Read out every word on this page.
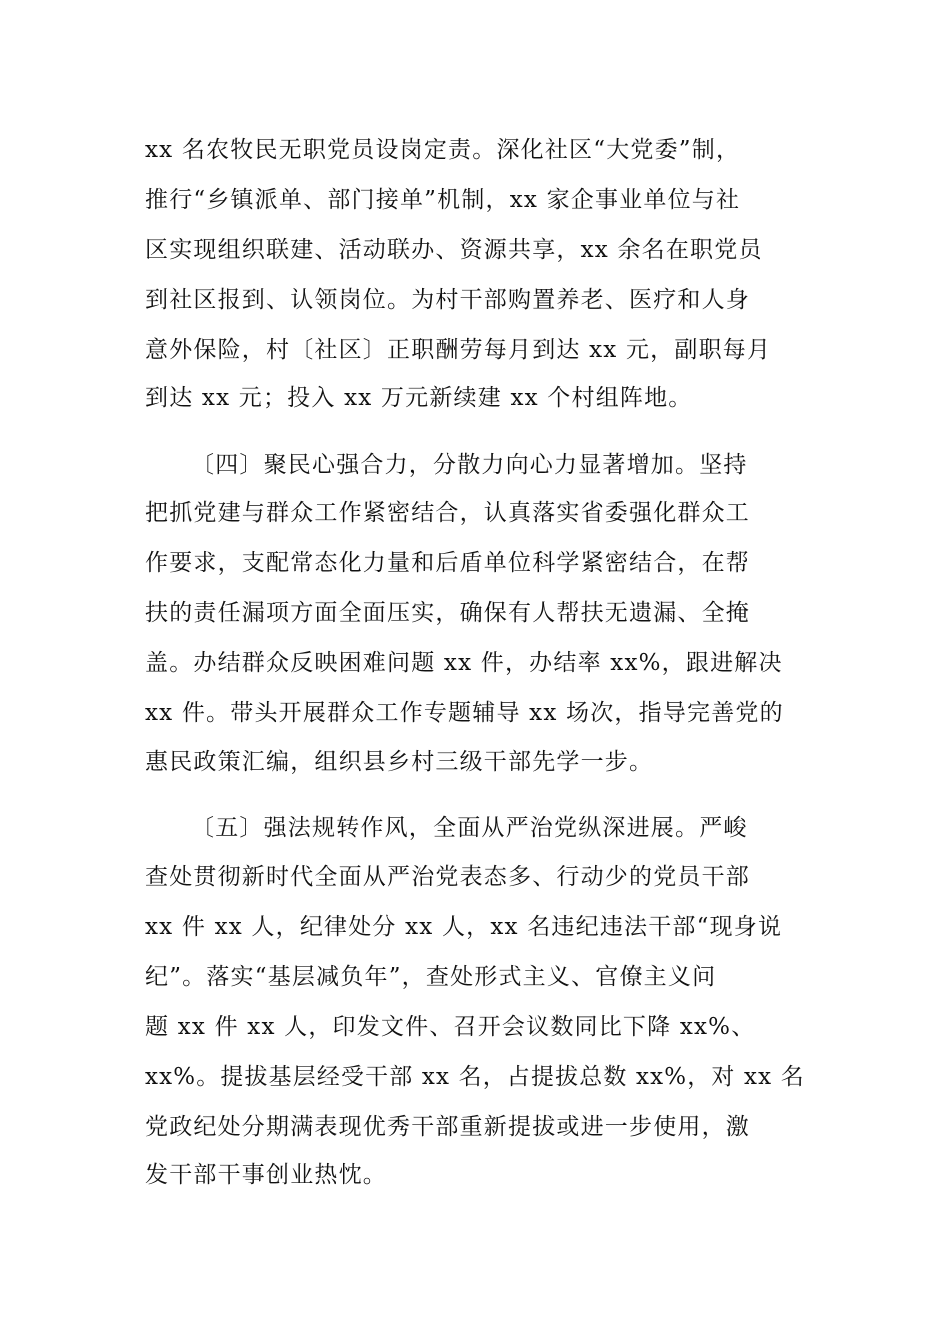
xx 名农牧民无职党员设岗定责。深化社区“大党委”制，
推行“乡镇派单、部门接单”机制，xx 家企事业单位与社
区实现组织联建、活动联办、资源共享，xx 余名在职党员
到社区报到、认领岗位。为村干部购置养老、医疗和人身
意外保险，村〔社区〕正职酬劳每月到达 xx 元，副职每月
到达 xx 元；投入 xx 万元新续建 xx 个村组阵地。
〔四〕聚民心强合力，分散力向心力显著增加。坚持
把抓党建与群众工作紧密结合，认真落实省委强化群众工
作要求，支配常态化力量和后盾单位科学紧密结合，在帮
扶的责任漏项方面全面压实，确保有人帮扶无遗漏、全掩
盖。办结群众反映困难问题 xx 件，办结率 xx%，跟进解决
xx 件。带头开展群众工作专题辅导 xx 场次，指导完善党的
惠民政策汇编，组织县乡村三级干部先学一步。
〔五〕强法规转作风，全面从严治党纵深进展。严峻
查处贯彻新时代全面从严治党表态多、行动少的党员干部
xx 件 xx 人，纪律处分 xx 人，xx 名违纪违法干部“现身说
纪”。落实“基层减负年”，查处形式主义、官僚主义问
题 xx 件 xx 人，印发文件、召开会议数同比下降 xx%、
xx%。提拔基层经受干部 xx 名，占提拔总数 xx%，对 xx 名
党政纪处分期满表现优秀干部重新提拔或进一步使用，激
发干部干事创业热忱。
